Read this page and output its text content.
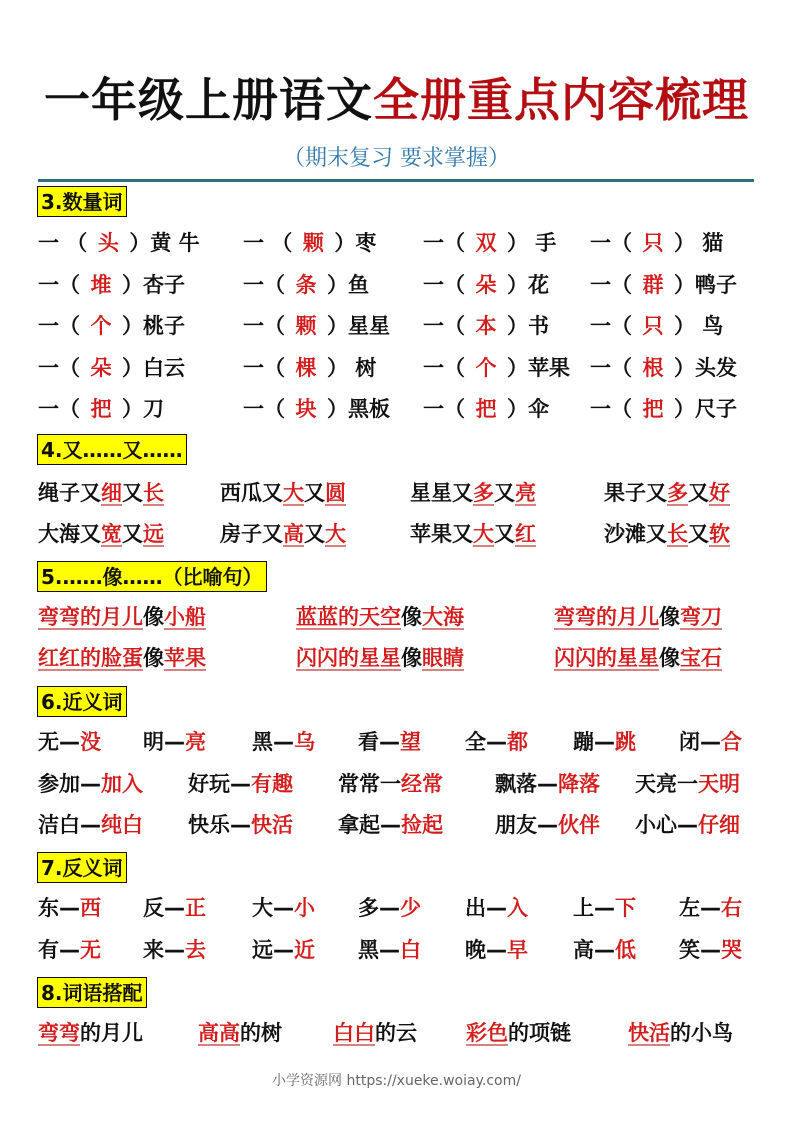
一年级上册语文全册重点内容梳理
（期末复习 要求掌握）
3.数量词
一 （ 头 ）黄 牛 一 （ 颗 ）枣 一（ 双 ） 手 一（ 只 ） 猫
一（ 堆 ）杏子	一（ 条 ）鱼	一（ 朵 ）花 一（ 群 ）鸭子
一（ 个 ）桃子	一（ 颗 ）星星 一（ 本 ）书 一（ 只 ） 鸟
一（ 朵 ）白云	一（ 棵 ） 树 一（ 个 ）苹果 一（ 根 ）头发
一（ 把 ）刀	一（ 块 ）黑板 一（ 把 ）伞 一（ 把 ）尺子
4.又……又……
绳子又细又长	西瓜又大又圆	星星又多又亮	果子又多又好
大海又宽又远	房子又高又大	苹果又大又红	沙滩又长又软
5.……像……（比喻句）
弯弯的月儿像小船	蓝蓝的天空像大海	弯弯的月儿像弯刀
红红的脸蛋像苹果	闪闪的星星像眼睛	闪闪的星星像宝石
6.近义词
无—没 明—亮 黑—乌 看—望 全—都 蹦—跳 闭—合
参加—加入 好玩—有趣 常常一经常 飘落—降落 天亮一天明
洁白—纯白 快乐—快活 拿起—捡起 朋友—伙伴 小心—仔细
7.反义词
东—西 反—正 大—小 多—少 出—入 上—下 左—右
有—无 来—去 远—近 黑—白 晚—早 高—低 笑—哭
8.词语搭配
弯弯的月儿	高高的树 白白的云 彩色的项链	快活的小鸟
小学资源网 https://xueke.woiay.com/
